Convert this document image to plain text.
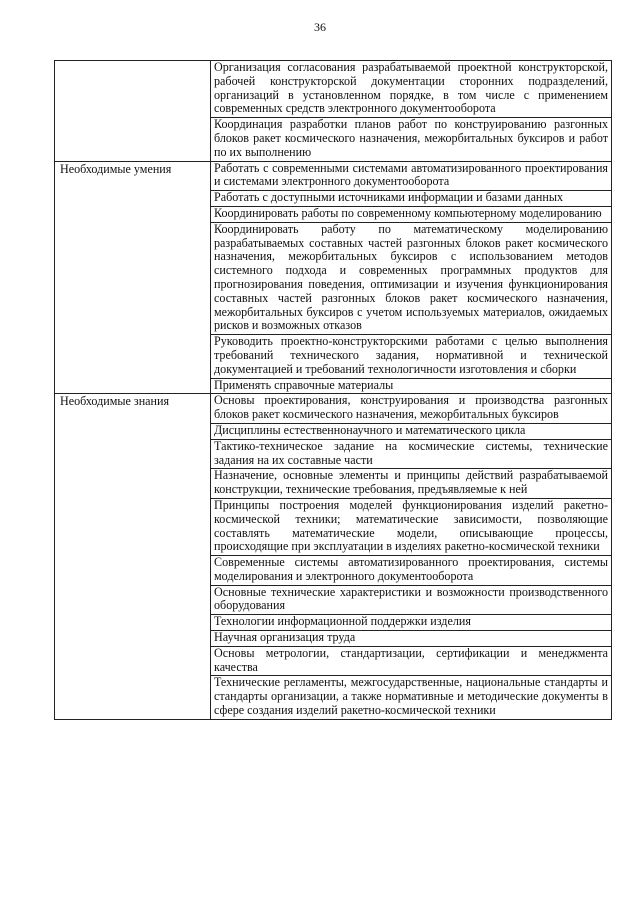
36
	Организация согласования разрабатываемой проектной конструкторской, рабочей конструкторской документации сторонних подразделений, организаций в установленном порядке, в том числе с применением современных средств электронного документооборота
	Координация разработки планов работ по конструированию разгонных блоков ракет космического назначения, межорбитальных буксиров и работ по их выполнению
Необходимые умения	Работать с современными системами автоматизированного проектирования и системами электронного документооборота
	Работать с доступными источниками информации и базами данных
	Координировать работы по современному компьютерному моделированию
	Координировать работу по математическому моделированию разрабатываемых составных частей разгонных блоков ракет космического назначения, межорбитальных буксиров с использованием методов системного подхода и современных программных продуктов для прогнозирования поведения, оптимизации и изучения функционирования составных частей разгонных блоков ракет космического назначения, межорбитальных буксиров с учетом используемых материалов, ожидаемых рисков и возможных отказов
	Руководить проектно-конструкторскими работами с целью выполнения требований технического задания, нормативной и технической документацией и требований технологичности изготовления и сборки
	Применять справочные материалы
Необходимые знания	Основы проектирования, конструирования и производства разгонных блоков ракет космического назначения, межорбитальных буксиров
	Дисциплины естественнонаучного и математического цикла
	Тактико-техническое задание на космические системы, технические задания на их составные части
	Назначение, основные элементы и принципы действий разрабатываемой конструкции, технические требования, предъявляемые к ней
	Принципы построения моделей функционирования изделий ракетно-космической техники; математические зависимости, позволяющие составлять математические модели, описывающие процессы, происходящие при эксплуатации в изделиях ракетно-космической техники
	Современные системы автоматизированного проектирования, системы моделирования и электронного документооборота
	Основные технические характеристики и возможности производственного оборудования
	Технологии информационной поддержки изделия
	Научная организация труда
	Основы метрологии, стандартизации, сертификации и менеджмента качества
	Технические регламенты, межгосударственные, национальные стандарты и стандарты организации, а также нормативные и методические документы в сфере создания изделий ракетно-космической техники
